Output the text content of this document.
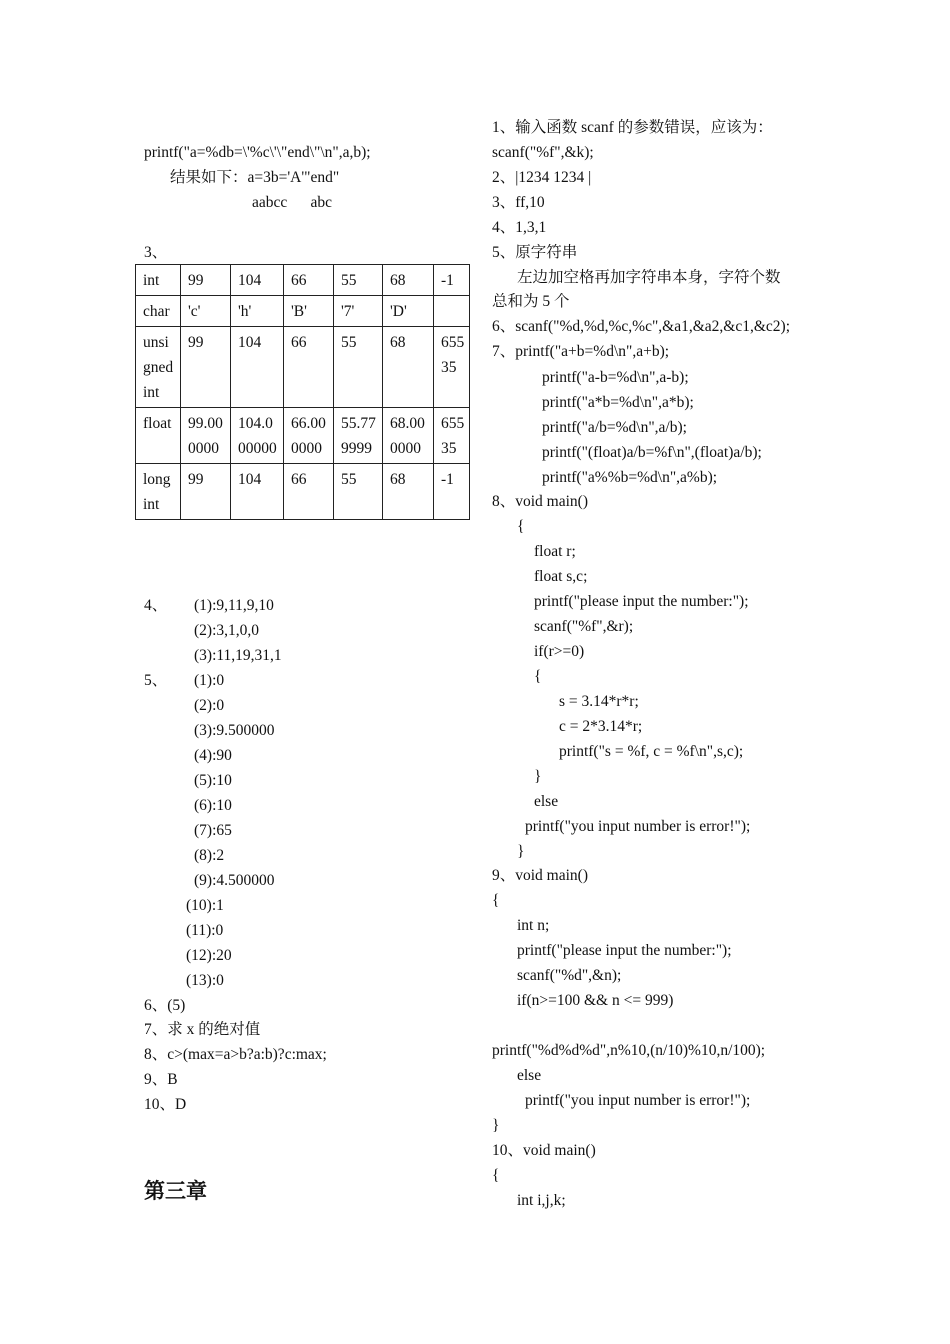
printf("a=%db=\'%c\'\"end\"\n",a,b);
结果如下：a=3b='A'"end"
aabcc      abc
3、
int	99	104	66	55	68	-1
char	'c'	'h'	'B'	'7'	'D'	
unsigned int	99	104	66	55	68	65535
float	99.000000	104.000000	66.000000	55.779999	68.000000	65535
long int	99	104	66	55	68	-1
4、 (1):9,11,9,10
(2):3,1,0,0
(3):11,19,31,1
5、 (1):0
(2):0
(3):9.500000
(4):90
(5):10
(6):10
(7):65
(8):2
(9):4.500000
(10):1
(11):0
(12):20
(13):0
6、(5)
7、求 x 的绝对值
8、c>(max=a>b?a:b)?c:max;
9、B
10、D
第三章
1、输入函数 scanf 的参数错误，应该为：
scanf("%f",&k);
2、|1234 1234 |
3、ff,10
4、1,3,1
5、原字符串
左边加空格再加字符串本身，字符个数
总和为 5 个
6、scanf("%d,%d,%c,%c",&a1,&a2,&c1,&c2);
7、printf("a+b=%d\n",a+b);
printf("a-b=%d\n",a-b);
printf("a*b=%d\n",a*b);
printf("a/b=%d\n",a/b);
printf("(float)a/b=%f\n",(float)a/b);
printf("a%%b=%d\n",a%b);
8、void main()
{
float r;
float s,c;
printf("please input the number:");
scanf("%f",&r);
if(r>=0)
{
s = 3.14*r*r;
c = 2*3.14*r;
printf("s = %f, c = %f\n",s,c);
}
else
printf("you input number is error!");
}
9、void main()
{
int n;
printf("please input the number:");
scanf("%d",&n);
if(n>=100 && n <= 999)
printf("%d%d%d",n%10,(n/10)%10,n/100);
else
printf("you input number is error!");
}
10、void main()
{
int i,j,k;
